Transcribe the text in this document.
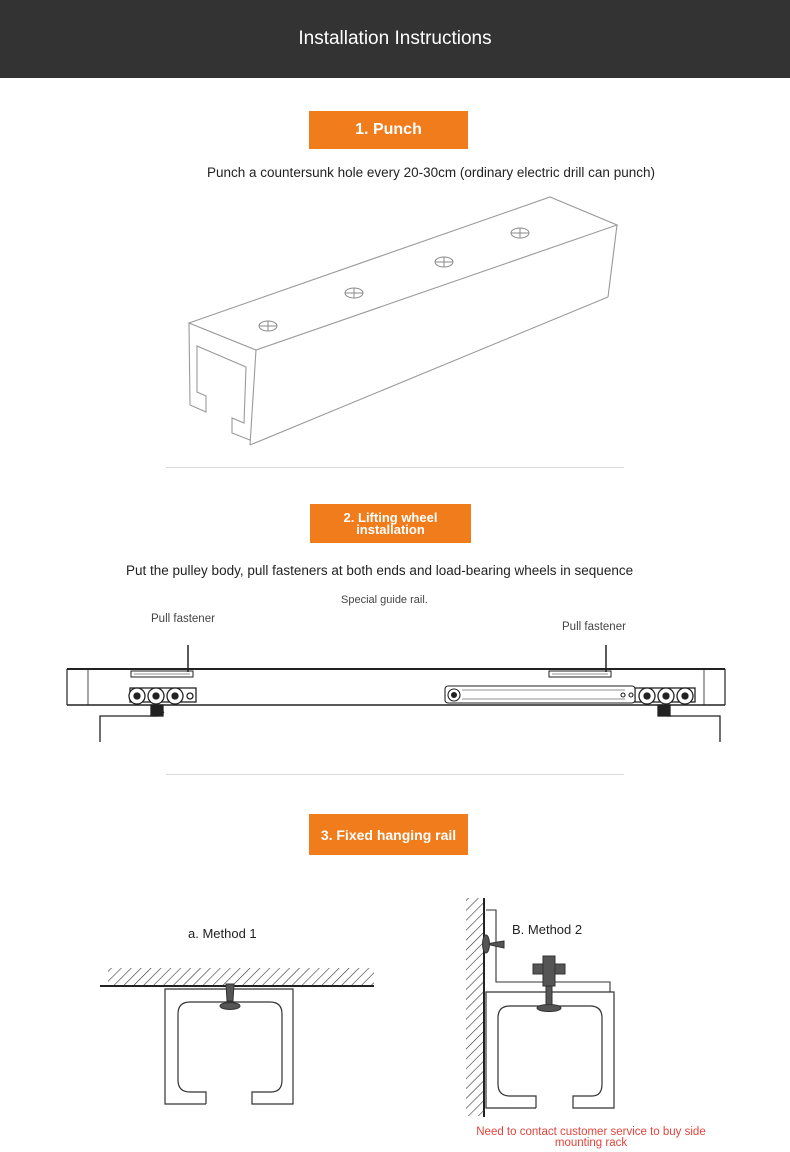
Installation Instructions
1. Punch
Punch a countersunk hole every 20-30cm (ordinary electric drill can punch)
2. Lifting wheel
installation
Put the pulley body, pull fasteners at both ends and load-bearing wheels in sequence
Special guide rail.
Pull fastener
Pull fastener
3. Fixed hanging rail
a. Method 1	B. Method 2
Need to contact customer service to buy side mounting rack
